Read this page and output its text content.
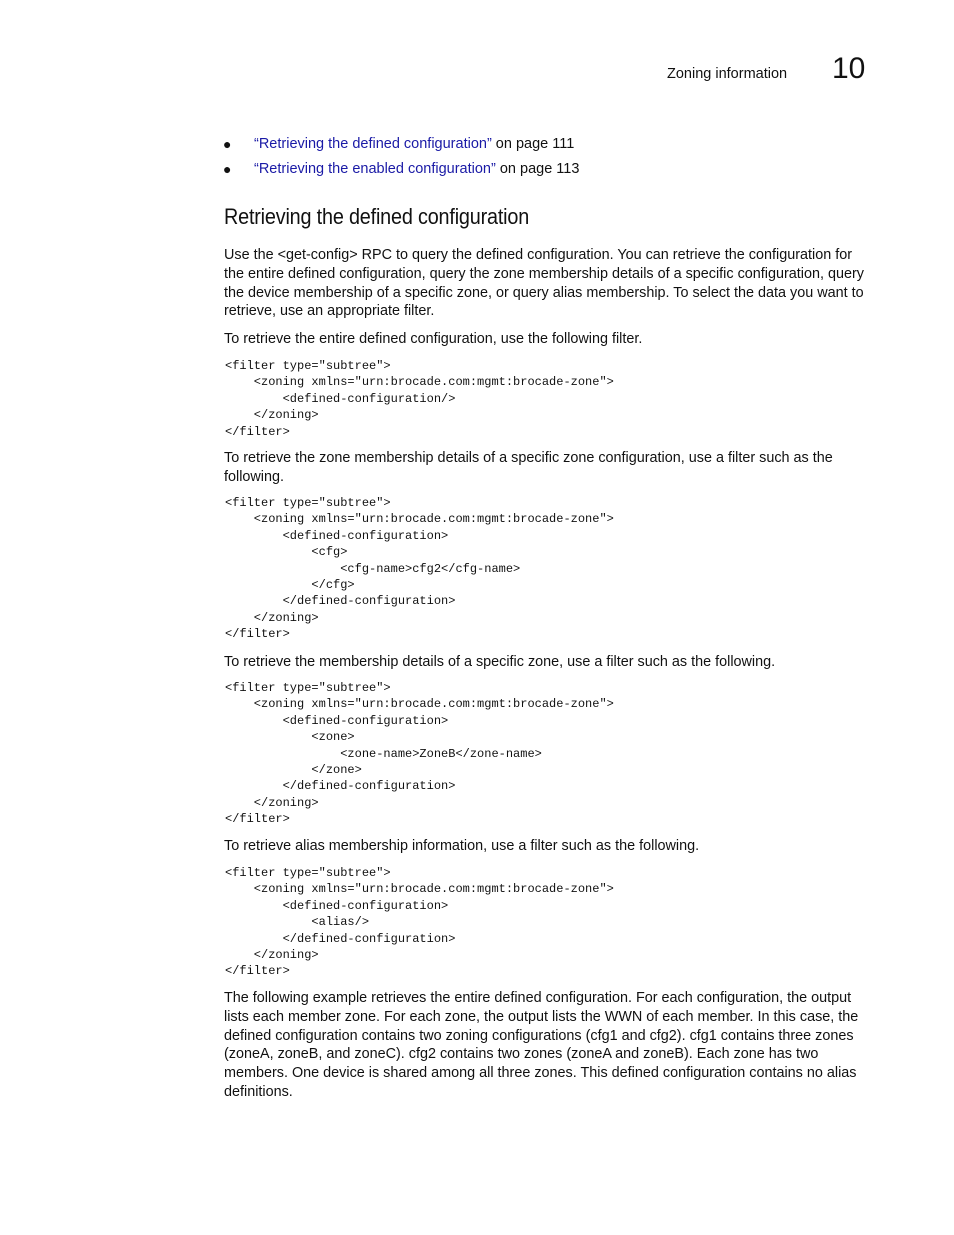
Zoning information 10
● “Retrieving the defined configuration” on page 111
● “Retrieving the enabled configuration” on page 113
Retrieving the defined configuration

Use the <get-config> RPC to query the defined configuration. You can retrieve the configuration for the entire defined configuration, query the zone membership details of a specific configuration, query the device membership of a specific zone, or query alias membership. To select the data you want to retrieve, use an appropriate filter.

To retrieve the entire defined configuration, use the following filter.

<filter type="subtree">
<zoning xmlns="urn:brocade.com:mgmt:brocade-zone">
<defined-configuration/>
</zoning>
</filter>

To retrieve the zone membership details of a specific zone configuration, use a filter such as the following.

<filter type="subtree">
<zoning xmlns="urn:brocade.com:mgmt:brocade-zone">
<defined-configuration>
<cfg>
<cfg-name>cfg2</cfg-name>
</cfg>
</defined-configuration>
</zoning>
</filter>

To retrieve the membership details of a specific zone, use a filter such as the following.

<filter type="subtree">
<zoning xmlns="urn:brocade.com:mgmt:brocade-zone">
<defined-configuration>
<zone>
<zone-name>ZoneB</zone-name>
</zone>
</defined-configuration>
</zoning>
</filter>

To retrieve alias membership information, use a filter such as the following.

<filter type="subtree">
<zoning xmlns="urn:brocade.com:mgmt:brocade-zone">
<defined-configuration>
<alias/>
</defined-configuration>
</zoning>
</filter>

The following example retrieves the entire defined configuration. For each configuration, the output lists each member zone. For each zone, the output lists the WWN of each member. In this case, the defined configuration contains two zoning configurations (cfg1 and cfg2). cfg1 contains three zones (zoneA, zoneB, and zoneC). cfg2 contains two zones (zoneA and zoneB). Each zone has two members. One device is shared among all three zones. This defined configuration contains no alias definitions.
